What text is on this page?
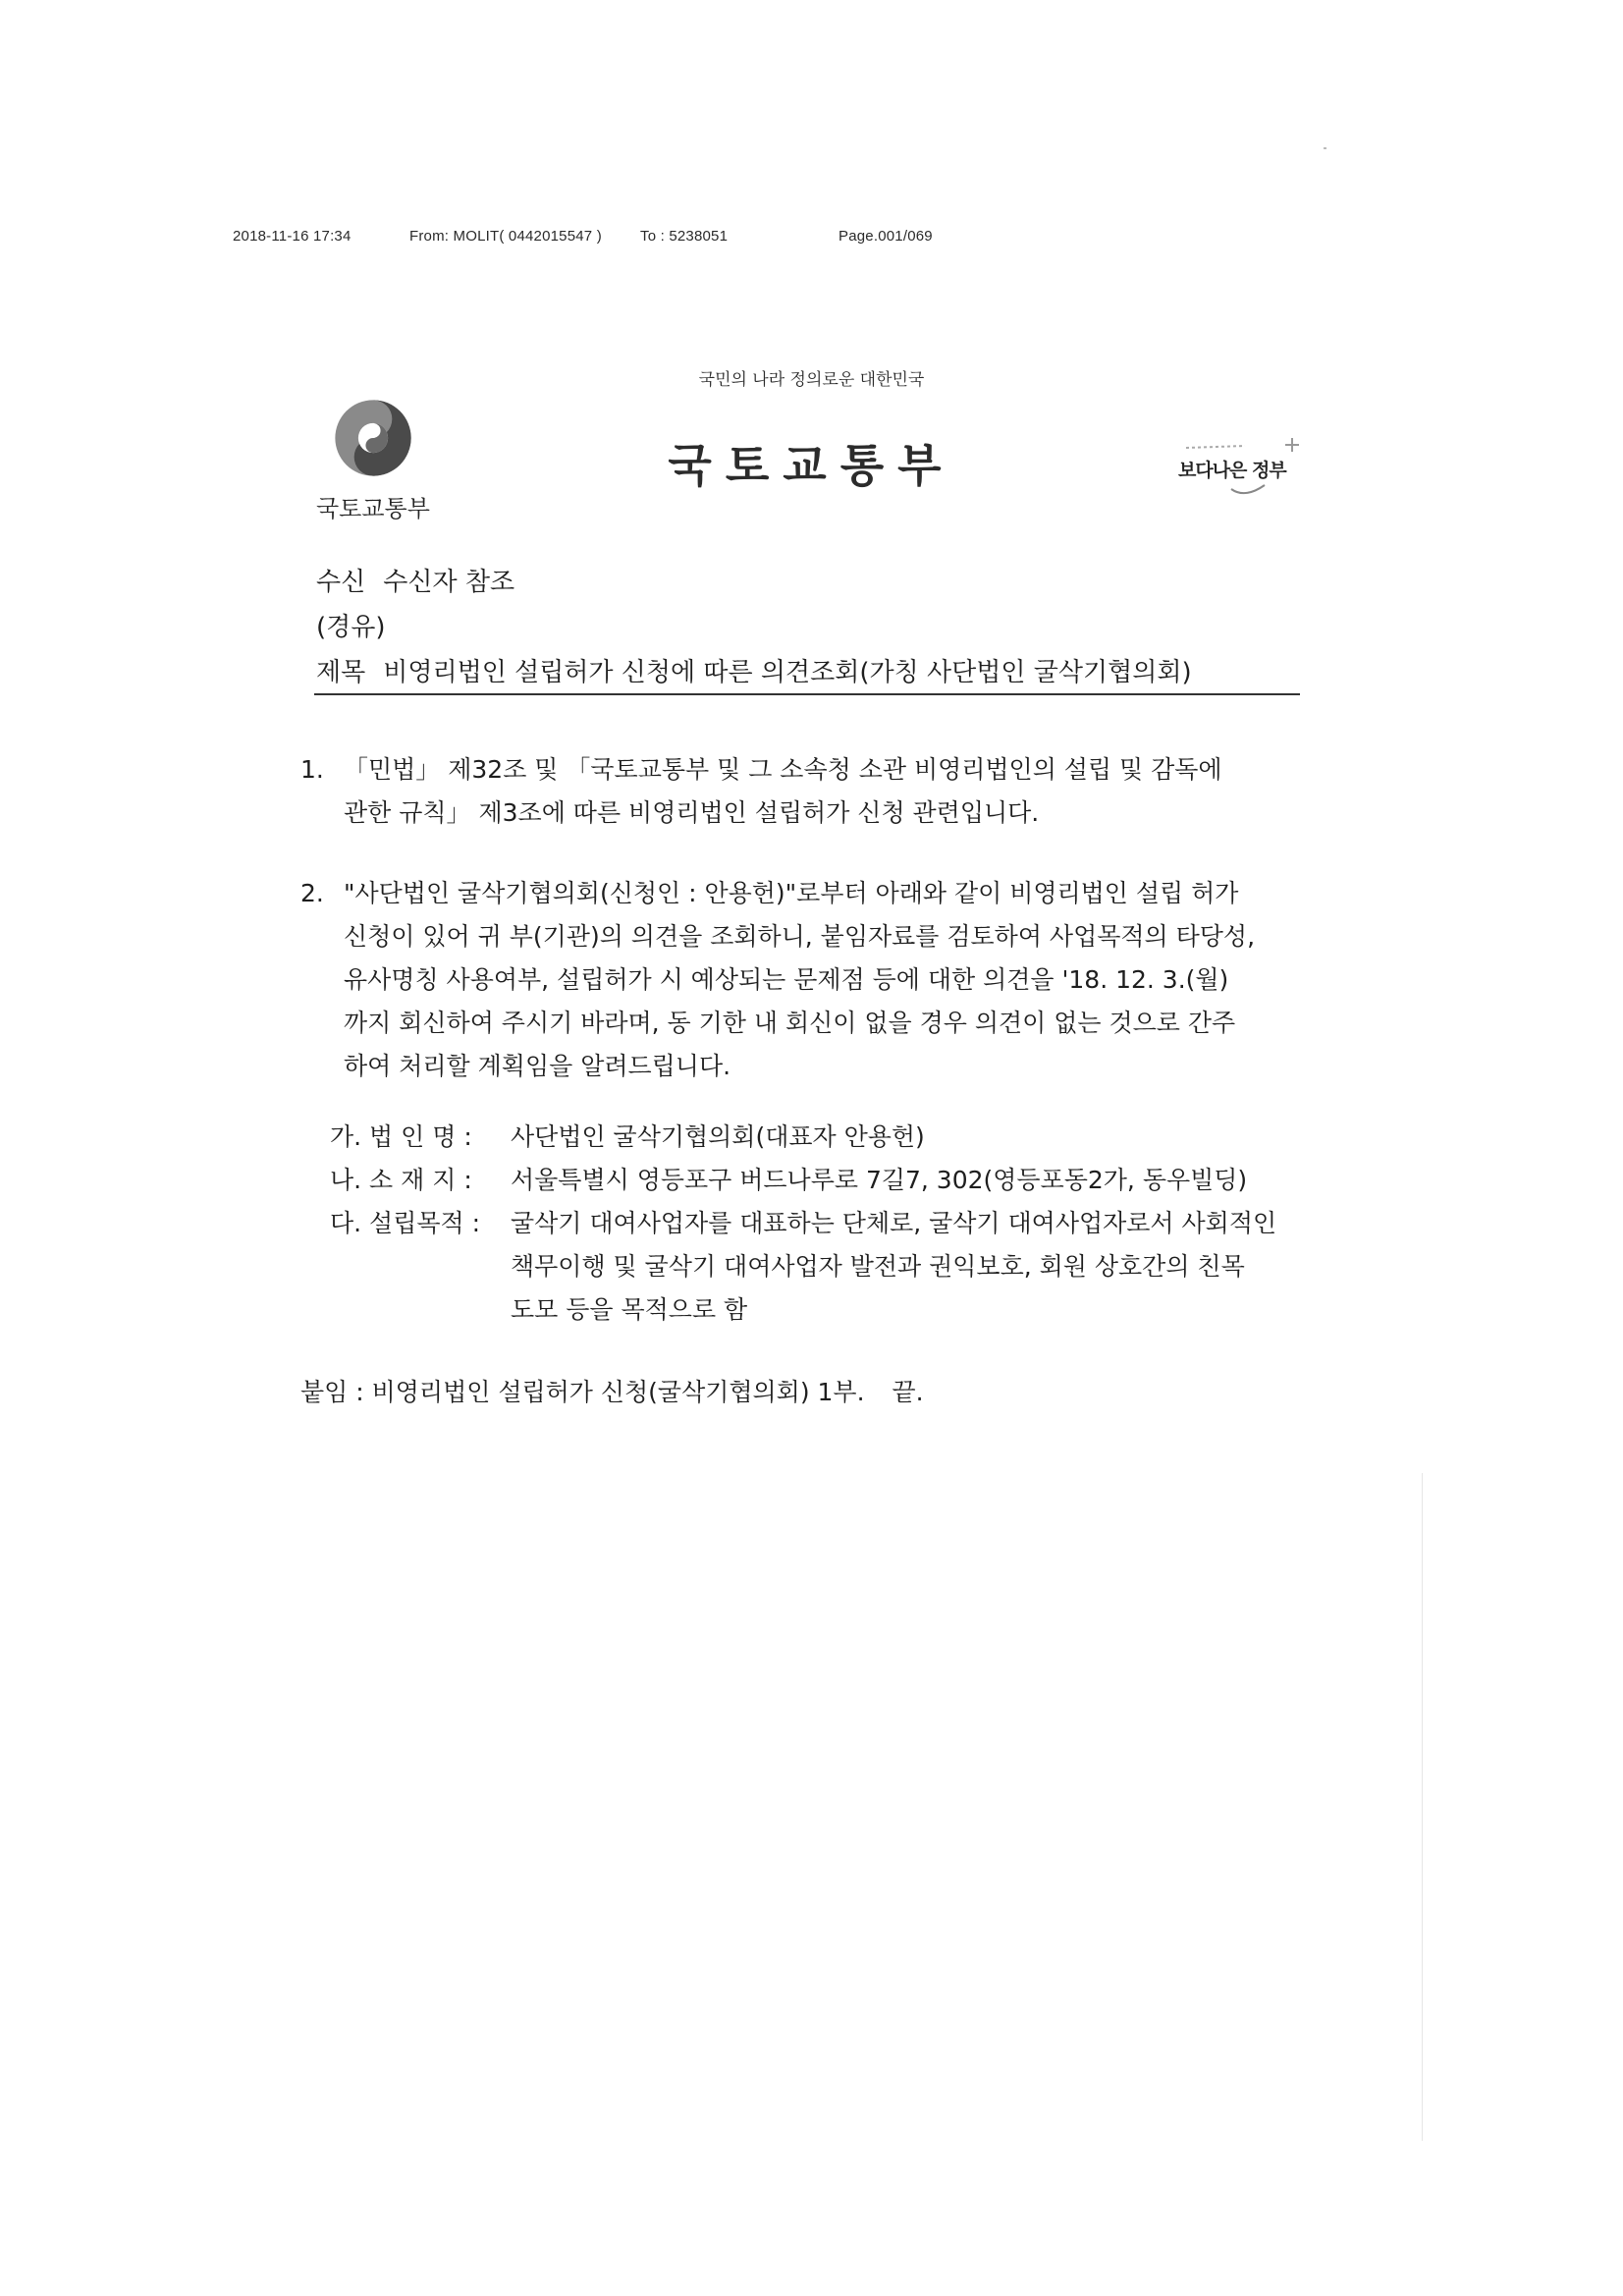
2018-11-16 17:34	From: MOLIT( 0442015547 )	To : 5238051	Page.001/069
국민의 나라 정의로운 대한민국
국토교통부
국토교통부	보다나은 정부
수신 수신자 참조
(경유)
제목 비영리법인 설립허가 신청에 따른 의견조회(가칭 사단법인 굴삭기협의회)
1. 「민법」 제32조 및 「국토교통부 및 그 소속청 소관 비영리법인의 설립 및 감독에
관한 규칙」 제3조에 따른 비영리법인 설립허가 신청 관련입니다.
2. "사단법인 굴삭기협의회(신청인 : 안용헌)"로부터 아래와 같이 비영리법인 설립 허가
신청이 있어 귀 부(기관)의 의견을 조회하니, 붙임자료를 검토하여 사업목적의 타당성,
유사명칭 사용여부, 설립허가 시 예상되는 문제점 등에 대한 의견을 '18. 12. 3.(월)
까지 회신하여 주시기 바라며, 동 기한 내 회신이 없을 경우 의견이 없는 것으로 간주
하여 처리할 계획임을 알려드립니다.
가. 법 인 명 : 사단법인 굴삭기협의회(대표자 안용헌)
나. 소 재 지 : 서울특별시 영등포구 버드나루로 7길7, 302(영등포동2가, 동우빌딩)
다. 설립목적 : 굴삭기 대여사업자를 대표하는 단체로, 굴삭기 대여사업자로서 사회적인
책무이행 및 굴삭기 대여사업자 발전과 권익보호, 회원 상호간의 친목
도모 등을 목적으로 함
붙임 : 비영리법인 설립허가 신청(굴삭기협의회) 1부. 끝.
